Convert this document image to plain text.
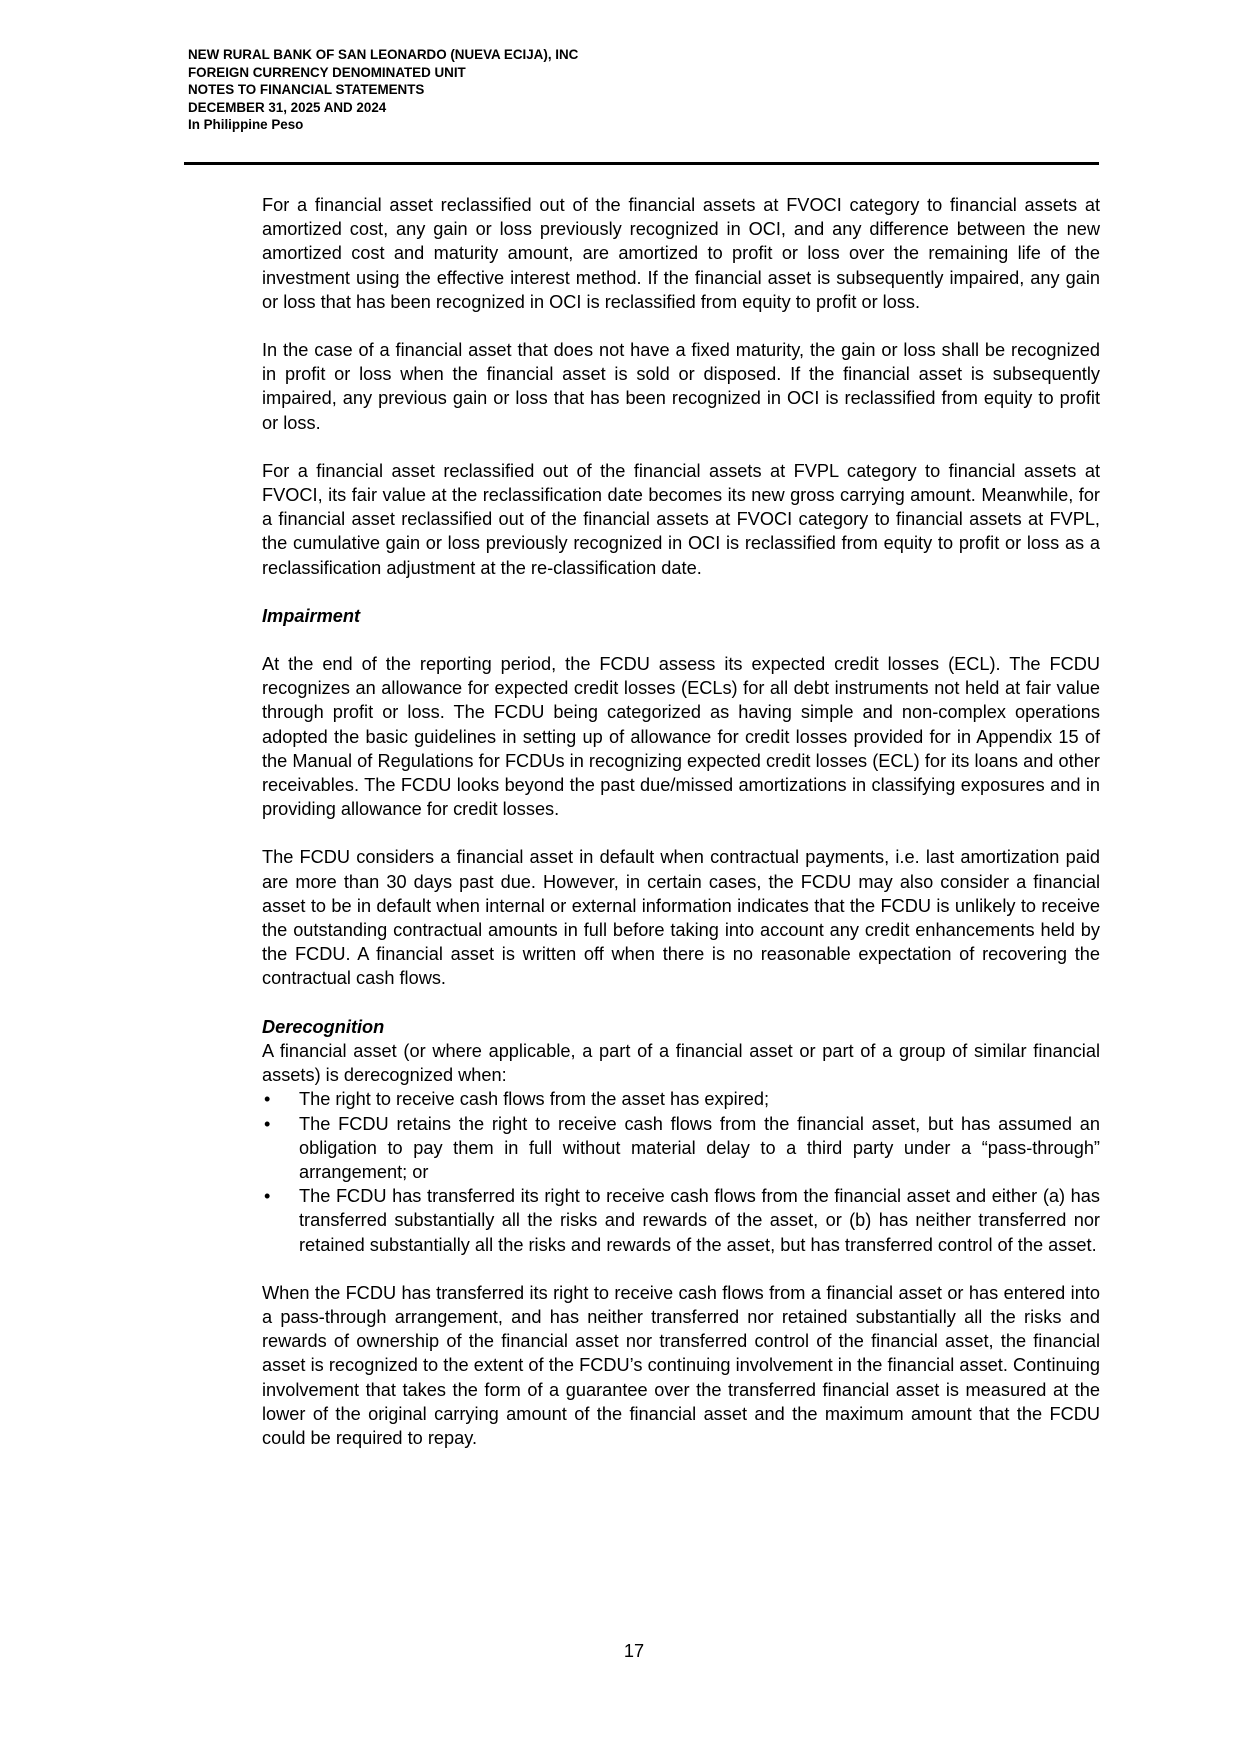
NEW RURAL BANK OF SAN LEONARDO (NUEVA ECIJA), INC
FOREIGN CURRENCY DENOMINATED UNIT
NOTES TO FINANCIAL STATEMENTS
DECEMBER 31, 2025 AND 2024
In Philippine Peso

For a financial asset reclassified out of the financial assets at FVOCI category to financial assets at amortized cost, any gain or loss previously recognized in OCI, and any difference between the new amortized cost and maturity amount, are amortized to profit or loss over the remaining life of the investment using the effective interest method. If the financial asset is subsequently impaired, any gain or loss that has been recognized in OCI is reclassified from equity to profit or loss.

In the case of a financial asset that does not have a fixed maturity, the gain or loss shall be recognized in profit or loss when the financial asset is sold or disposed. If the financial asset is subsequently impaired, any previous gain or loss that has been recognized in OCI is reclassified from equity to profit or loss.

For a financial asset reclassified out of the financial assets at FVPL category to financial assets at FVOCI, its fair value at the reclassification date becomes its new gross carrying amount. Meanwhile, for a financial asset reclassified out of the financial assets at FVOCI category to financial assets at FVPL, the cumulative gain or loss previously recognized in OCI is reclassified from equity to profit or loss as a reclassification adjustment at the re-classification date.

Impairment

At the end of the reporting period, the FCDU assess its expected credit losses (ECL). The FCDU recognizes an allowance for expected credit losses (ECLs) for all debt instruments not held at fair value through profit or loss. The FCDU being categorized as having simple and non-complex operations adopted the basic guidelines in setting up of allowance for credit losses provided for in Appendix 15 of the Manual of Regulations for FCDUs in recognizing expected credit losses (ECL) for its loans and other receivables. The FCDU looks beyond the past due/missed amortizations in classifying exposures and in providing allowance for credit losses.

The FCDU considers a financial asset in default when contractual payments, i.e. last amortization paid are more than 30 days past due. However, in certain cases, the FCDU may also consider a financial asset to be in default when internal or external information indicates that the FCDU is unlikely to receive the outstanding contractual amounts in full before taking into account any credit enhancements held by the FCDU. A financial asset is written off when there is no reasonable expectation of recovering the contractual cash flows.

Derecognition

A financial asset (or where applicable, a part of a financial asset or part of a group of similar financial assets) is derecognized when:

• The right to receive cash flows from the asset has expired;
• The FCDU retains the right to receive cash flows from the financial asset, but has assumed an obligation to pay them in full without material delay to a third party under a “pass-through” arrangement; or
• The FCDU has transferred its right to receive cash flows from the financial asset and either (a) has transferred substantially all the risks and rewards of the asset, or (b) has neither transferred nor retained substantially all the risks and rewards of the asset, but has transferred control of the asset.

When the FCDU has transferred its right to receive cash flows from a financial asset or has entered into a pass-through arrangement, and has neither transferred nor retained substantially all the risks and rewards of ownership of the financial asset nor transferred control of the financial asset, the financial asset is recognized to the extent of the FCDU’s continuing involvement in the financial asset. Continuing involvement that takes the form of a guarantee over the transferred financial asset is measured at the lower of the original carrying amount of the financial asset and the maximum amount that the FCDU could be required to repay.

17
